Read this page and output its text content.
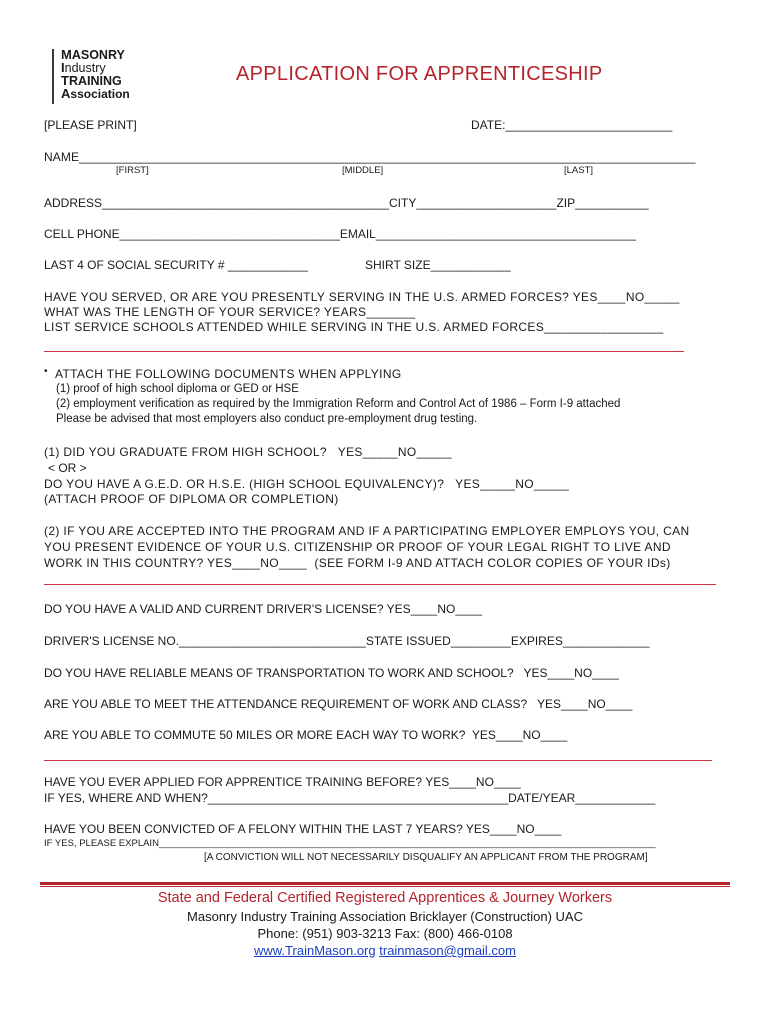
MASONRY
Industry
TRAINING
Association
APPLICATION FOR APPRENTICESHIP
[PLEASE PRINT]	DATE:_________________________
NAME___________________________________________________________________________________________
[FIRST]	[MIDDLE]	[LAST]
ADDRESS___________________________________________CITY_____________________ZIP___________
CELL PHONE_________________________________EMAIL_______________________________________
LAST 4 OF SOCIAL SECURITY # ____________	SHIRT SIZE____________
HAVE YOU SERVED, OR ARE YOU PRESENTLY SERVING IN THE U.S. ARMED FORCES? YES____NO_____
WHAT WAS THE LENGTH OF YOUR SERVICE? YEARS_______
LIST SERVICE SCHOOLS ATTENDED WHILE SERVING IN THE U.S. ARMED FORCES_________________
• ATTACH THE FOLLOWING DOCUMENTS WHEN APPLYING
(1) proof of high school diploma or GED or HSE
(2) employment verification as required by the Immigration Reform and Control Act of 1986 – Form I-9 attached
Please be advised that most employers also conduct pre-employment drug testing.
(1) DID YOU GRADUATE FROM HIGH SCHOOL?   YES_____NO_____
< OR >
DO YOU HAVE A G.E.D. OR H.S.E. (HIGH SCHOOL EQUIVALENCY)?   YES_____NO_____
(ATTACH PROOF OF DIPLOMA OR COMPLETION)
(2) IF YOU ARE ACCEPTED INTO THE PROGRAM AND IF A PARTICIPATING EMPLOYER EMPLOYS YOU, CAN
YOU PRESENT EVIDENCE OF YOUR U.S. CITIZENSHIP OR PROOF OF YOUR LEGAL RIGHT TO LIVE AND
WORK IN THIS COUNTRY? YES____NO____  (SEE FORM I-9 AND ATTACH COLOR COPIES OF YOUR IDs)
DO YOU HAVE A VALID AND CURRENT DRIVER'S LICENSE? YES____NO____
DRIVER'S LICENSE NO.____________________________STATE ISSUED_________EXPIRES_____________
DO YOU HAVE RELIABLE MEANS OF TRANSPORTATION TO WORK AND SCHOOL?   YES____NO____
ARE YOU ABLE TO MEET THE ATTENDANCE REQUIREMENT OF WORK AND CLASS?   YES____NO____
ARE YOU ABLE TO COMMUTE 50 MILES OR MORE EACH WAY TO WORK?  YES____NO____
HAVE YOU EVER APPLIED FOR APPRENTICE TRAINING BEFORE? YES____NO____
IF YES, WHERE AND WHEN?_____________________________________________DATE/YEAR____________
HAVE YOU BEEN CONVICTED OF A FELONY WITHIN THE LAST 7 YEARS? YES____NO____
IF YES, PLEASE EXPLAIN______________________________________________________________________________________________
[A CONVICTION WILL NOT NECESSARILY DISQUALIFY AN APPLICANT FROM THE PROGRAM]
State and Federal Certified Registered Apprentices & Journey Workers
Masonry Industry Training Association Bricklayer (Construction) UAC
Phone: (951) 903-3213 Fax: (800) 466-0108
www.TrainMason.org trainmason@gmail.com
